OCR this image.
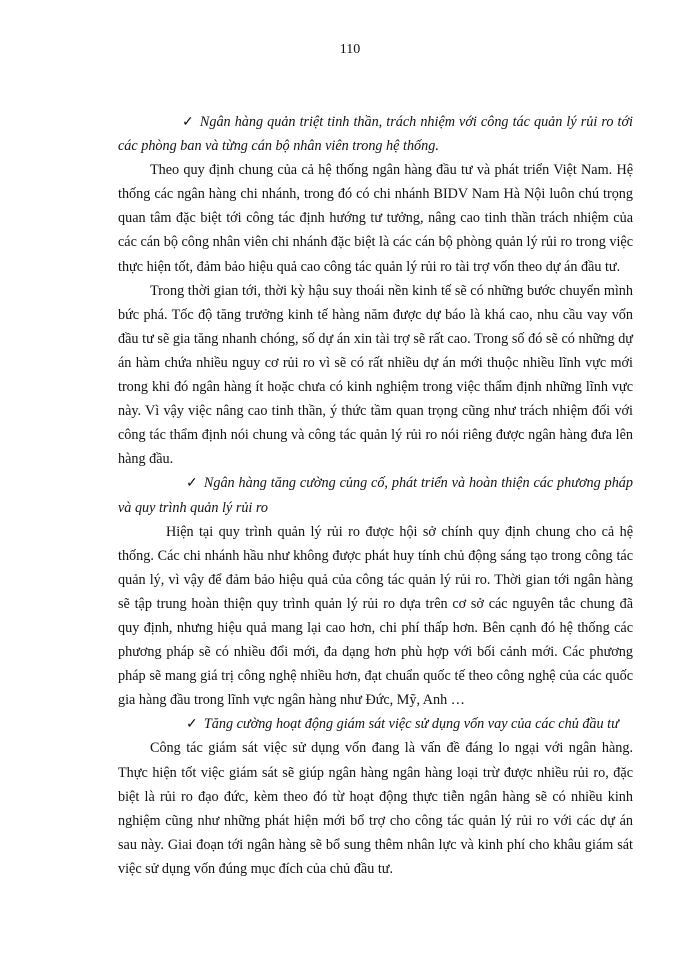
110

✓ Ngân hàng quản triệt tinh thần, trách nhiệm với công tác quản lý rủi ro tới các phòng ban và từng cán bộ nhân viên trong hệ thống.

Theo quy định chung của cả hệ thống ngân hàng đầu tư và phát triển Việt Nam. Hệ thống các ngân hàng chi nhánh, trong đó có chi nhánh BIDV Nam Hà Nội luôn chú trọng quan tâm đặc biệt tới công tác định hướng tư tưởng, nâng cao tinh thần trách nhiệm của các cán bộ công nhân viên chi nhánh đặc biệt là các cán bộ phòng quản lý rủi ro trong việc thực hiện tốt, đảm bảo hiệu quả cao công tác quản lý rủi ro tài trợ vốn theo dự án đầu tư.

Trong thời gian tới, thời kỳ hậu suy thoái nền kinh tế sẽ có những bước chuyển mình bức phá. Tốc độ tăng trưởng kinh tế hàng năm được dự báo là khá cao, nhu cầu vay vốn đầu tư sẽ gia tăng nhanh chóng, số dự án xin tài trợ sẽ rất cao. Trong số đó sẽ có những dự án hàm chứa nhiều nguy cơ rủi ro vì sẽ có rất nhiều dự án mới thuộc nhiều lĩnh vực mới trong khi đó ngân hàng ít hoặc chưa có kinh nghiệm trong việc thẩm định những lĩnh vực này. Vì vậy việc nâng cao tinh thần, ý thức tầm quan trọng cũng như trách nhiệm đối với công tác thẩm định nói chung và công tác quản lý rủi ro nói riêng được ngân hàng đưa lên hàng đầu.

✓ Ngân hàng tăng cường củng cố, phát triển và hoàn thiện các phương pháp và quy trình quản lý rủi ro

Hiện tại quy trình quản lý rủi ro được hội sở chính quy định chung cho cả hệ thống. Các chi nhánh hầu như không được phát huy tính chủ động sáng tạo trong công tác quản lý, vì vậy để đảm bảo hiệu quả của công tác quản lý rủi ro. Thời gian tới ngân hàng sẽ tập trung hoàn thiện quy trình quản lý rủi ro dựa trên cơ sở các nguyên tắc chung đã quy định, nhưng hiệu quả mang lại cao hơn, chi phí thấp hơn. Bên cạnh đó hệ thống các phương pháp sẽ có nhiều đổi mới, đa dạng hơn phù hợp với bối cảnh mới. Các phương pháp sẽ mang giá trị công nghệ nhiều hơn, đạt chuẩn quốc tế theo công nghệ của các quốc gia hàng đầu trong lĩnh vực ngân hàng như Đức, Mỹ, Anh …

✓ Tăng cường hoạt động giám sát việc sử dụng vốn vay của các chủ đầu tư

Công tác giám sát việc sử dụng vốn đang là vấn đề đáng lo ngại với ngân hàng. Thực hiện tốt việc giám sát sẽ giúp ngân hàng ngân hàng loại trừ được nhiều rủi ro, đặc biệt là rủi ro đạo đức, kèm theo đó từ hoạt động thực tiễn ngân hàng sẽ có nhiều kinh nghiệm cũng như những phát hiện mới bổ trợ cho công tác quản lý rủi ro với các dự án sau này. Giai đoạn tới ngân hàng sẽ bổ sung thêm nhân lực và kinh phí cho khâu giám sát việc sử dụng vốn đúng mục đích của chủ đầu tư.
